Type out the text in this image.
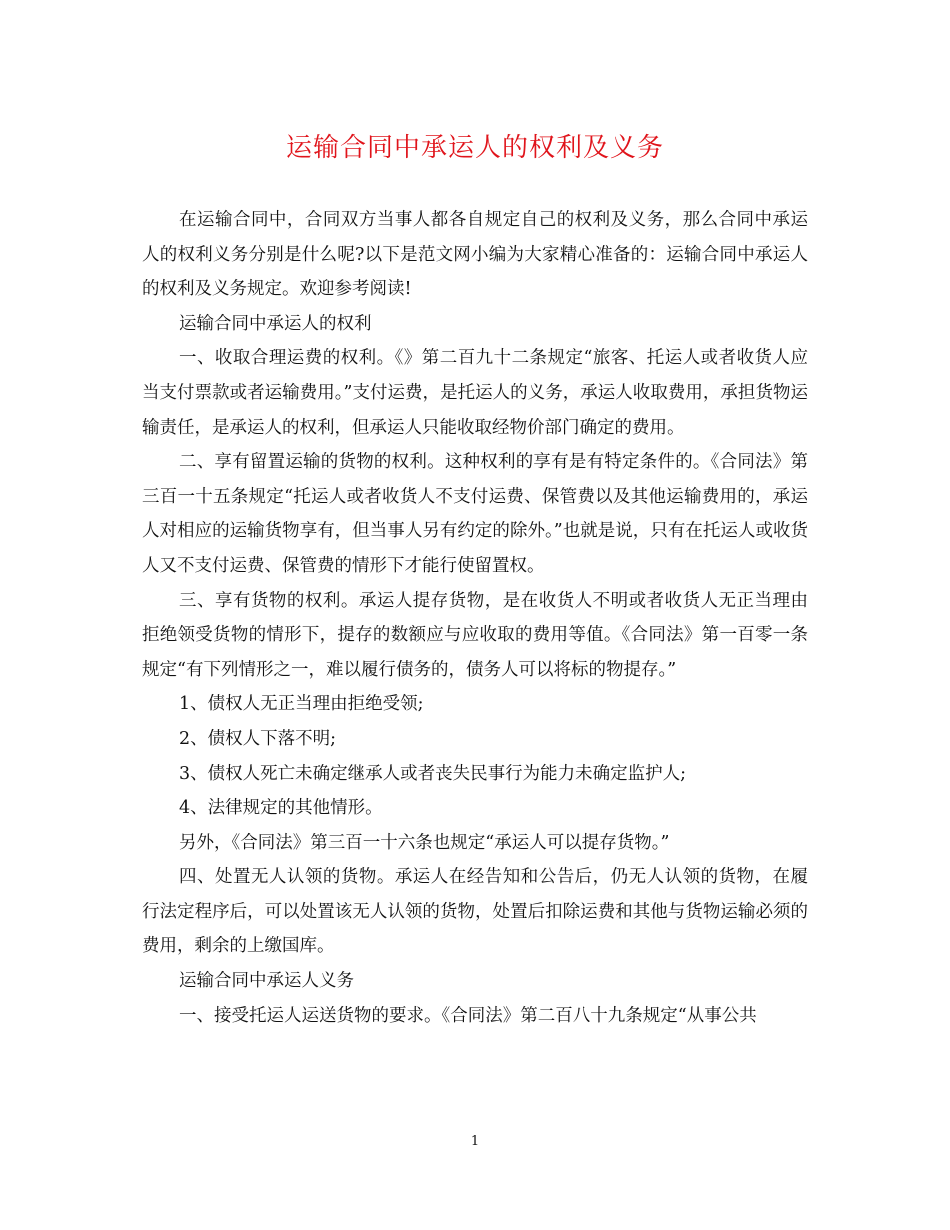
运输合同中承运人的权利及义务

在运输合同中，合同双方当事人都各自规定自己的权利及义务，那么合同中承运人的权利义务分别是什么呢?以下是范文网小编为大家精心准备的：运输合同中承运人的权利及义务规定。欢迎参考阅读!

运输合同中承运人的权利

一、收取合理运费的权利。《》第二百九十二条规定“旅客、托运人或者收货人应当支付票款或者运输费用。”支付运费，是托运人的义务，承运人收取费用，承担货物运输责任，是承运人的权利，但承运人只能收取经物价部门确定的费用。

二、享有留置运输的货物的权利。这种权利的享有是有特定条件的。《合同法》第三百一十五条规定“托运人或者收货人不支付运费、保管费以及其他运输费用的，承运人对相应的运输货物享有，但当事人另有约定的除外。”也就是说，只有在托运人或收货人又不支付运费、保管费的情形下才能行使留置权。

三、享有货物的权利。承运人提存货物，是在收货人不明或者收货人无正当理由拒绝领受货物的情形下，提存的数额应与应收取的费用等值。《合同法》第一百零一条规定“有下列情形之一，难以履行债务的，债务人可以将标的物提存。”

1、债权人无正当理由拒绝受领;

2、债权人下落不明;

3、债权人死亡未确定继承人或者丧失民事行为能力未确定监护人;

4、法律规定的其他情形。

另外，《合同法》第三百一十六条也规定“承运人可以提存货物。”

四、处置无人认领的货物。承运人在经告知和公告后，仍无人认领的货物，在履行法定程序后，可以处置该无人认领的货物，处置后扣除运费和其他与货物运输必须的费用，剩余的上缴国库。

运输合同中承运人义务

一、接受托运人运送货物的要求。《合同法》第二百八十九条规定“从事公共

1
